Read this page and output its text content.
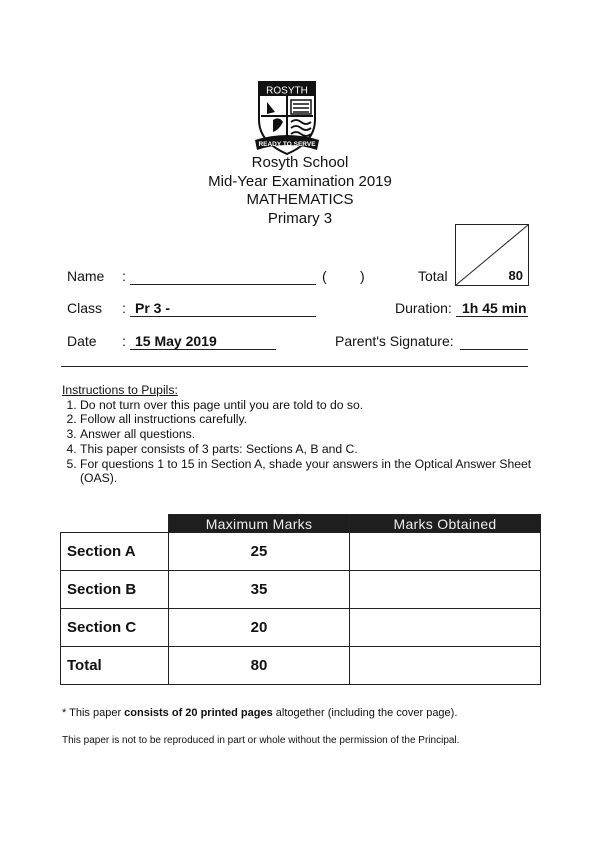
ROSYTH
READY TO SERVE
Rosyth School
Mid-Year Examination 2019
MATHEMATICS
Primary 3
80
Name :	( )	Total
Class : Pr 3 -	Duration: 1h 45 min
Date : 15 May 2019	Parent's Signature:
Instructions to Pupils:
1. Do not turn over this page until you are told to do so.
2. Follow all instructions carefully.
3. Answer all questions.
4. This paper consists of 3 parts: Sections A, B and C.
5. For questions 1 to 15 in Section A, shade your answers in the Optical Answer Sheet (OAS).
	Maximum Marks	Marks Obtained
Section A	25	
Section B	35	
Section C	20	
Total	80	
* This paper consists of 20 printed pages altogether (including the cover page).
This paper is not to be reproduced in part or whole without the permission of the Principal.
